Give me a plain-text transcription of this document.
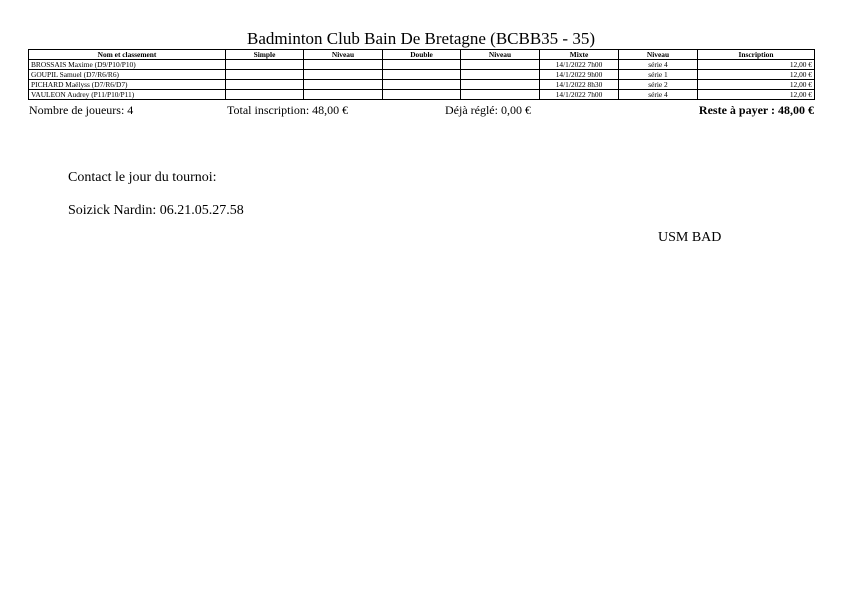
Badminton Club Bain De Bretagne (BCBB35 - 35)
Nom et classement	Simple	Niveau	Double	Niveau	Mixte	Niveau	Inscription
BROSSAIS Maxime (D9/P10/P10)					14/1/2022 7h00	série 4	12,00 €
GOUPIL Samuel (D7/R6/R6)					14/1/2022 9h00	série 1	12,00 €
PICHARD Maëlyss (D7/R6/D7)					14/1/2022 8h30	série 2	12,00 €
VAULEON Audrey (P11/P10/P11)					14/1/2022 7h00	série 4	12,00 €
Nombre de joueurs: 4	Total inscription: 48,00 €	Déjà réglé: 0,00 €	Reste à payer : 48,00 €
Contact le jour du tournoi:
Soizick Nardin: 06.21.05.27.58
USM BAD
